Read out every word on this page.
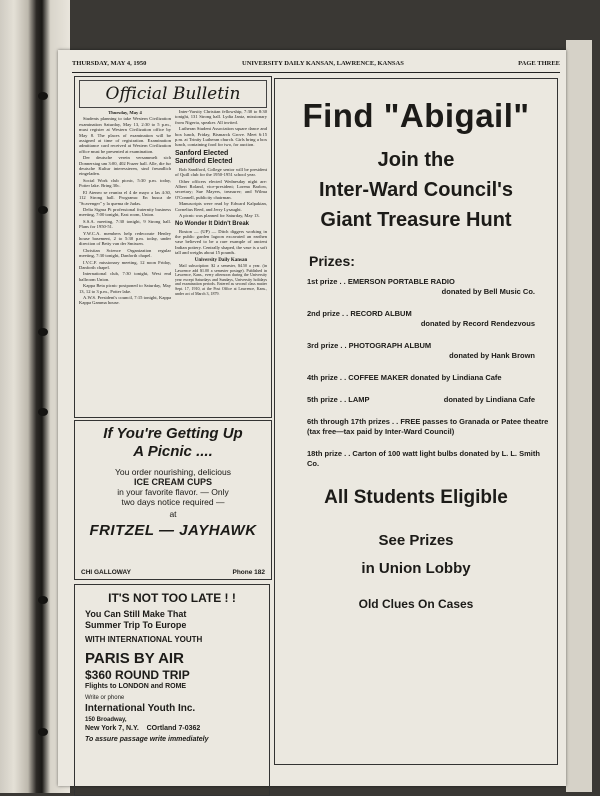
THURSDAY, MAY 4, 1950	UNIVERSITY DAILY KANSAN, LAWRENCE, KANSAS	PAGE THREE
Official Bulletin
Thursday, May 4

Students planning to take Western Civilization examination Saturday, May 13, 2:30 to 5 p.m., must register at Western Civilization office by May 8. The places of examination will be assigned at time of registration. Examination admittance card received at Western Civilization office must be presented at examination.

Der deutsche verein versammelt sich Donnerstag um 3:00, 402 Frazer hall. Alle, die fur deutsche Kultur interessieren, sind freundlich eingeladen.

Social Work club picnic, 5:30 p.m. today, Potter lake. Bring 30c.

El Ateneo se reunira el 4 de mayo a las 4:30, 112 Strong hall. Programa: En busca de "Scavenger" y la quema de Judas.

Delta Sigma Pi professional fraternity business meeting, 7:00 tonight, East room, Union.

S.S.A. meeting, 7:30 tonight, 9 Strong hall. Plans for 1950-51.

Y.W.C.A. members help redecorate Henley house basement, 2 to 5:30 p.m. today, under direction of Betty van der Smissen.

Christian Science Organization regular meeting, 7:30 tonight, Danforth chapel.

I.V.C.F. missionary meeting, 12 noon Friday, Danforth chapel.

International club, 7:30 tonight, West end ballroom Union.

Kappa Beta picnic postponed to Saturday, May 13, 12 to 3 p.m., Potter lake.

A.W.S. President's council, 7:15 tonight, Kappa Kappa Gamma house.

Inter-Varsity Christian fellowship, 7:30 to 8:30 tonight, 131 Strong hall. Lydia Jantz, missionary from Nigeria, speaker. All invited.

Lutheran Student Association square dance and box lunch, Friday, Bismarck Grove. Meet 6:15 p.m. at Trinity Lutheran church. Girls bring a box lunch, containing food for two, for auction.

Sanford Elected
Sandford Elected

Bob Sandford, College senior will be president of Quill club for the 1950-1951 school year.

Other officers elected Wednesday night are: Albert Roland, vice-president; Lorena Barlow, secretary; Sue Mayers, treasurer; and Wilma O'Connell, publicity chairman.

Manuscripts were read by Edward Kalpakian, Cornelius Reed, and Jerry Lysaught.

A picnic was planned for Saturday, May 13.

No Wonder It Didn't Break

Boston — (UP) — Ditch diggers working in the public garden lagoon excavated an earthen vase believed to be a rare example of ancient Indian pottery. Centrally shaped, the vase is a soft tall and weighs about 15 pounds.

University Daily Kansan

Mail subscription: $2 a semester, $4.50 a year. (in Lawrence add $1.00 a semester postage). Published in Lawrence, Kans., every afternoon during the University year except Saturdays and Sundays, University holidays and examination periods. Entered as second class matter Sept. 17, 1910, at the Post Office at Lawrence, Kans., under act of March 3, 1879.

If You're Getting Up
A Picnic ....
You order nourishing, delicious
ICE CREAM CUPS
in your favorite flavor. — Only
two days notice required —
at
FRITZEL — JAYHAWK
CHI GALLOWAY	Phone 182
IT'S NOT TOO LATE ! !
You Can Still Make That
Summer Trip To Europe
WITH INTERNATIONAL YOUTH
PARIS BY AIR
$360 ROUND TRIP
Flights to LONDON and ROME
Write or phone
International Youth Inc.
150 Broadway,
New York 7, N.Y. COrtland 7-0362
To assure passage write immediately
Find "Abigail"
Join the
Inter-Ward Council's
Giant Treasure Hunt
Prizes:
1st prize . . EMERSON PORTABLE RADIO
donated by Bell Music Co.
2nd prize . . RECORD ALBUM
donated by Record Rendezvous
3rd prize . . PHOTOGRAPH ALBUM
donated by Hank Brown
4th prize . . COFFEE MAKER donated by Lindiana Cafe
5th prize . . LAMP	donated by Lindiana Cafe
6th through 17th prizes . . FREE passes to Granada or Patee theatre (tax free—tax paid by Inter-Ward Council)
18th prize . . Carton of 100 watt light bulbs donated by L. L. Smith Co.
All Students Eligible
See Prizes
in Union Lobby
Old Clues On Cases
